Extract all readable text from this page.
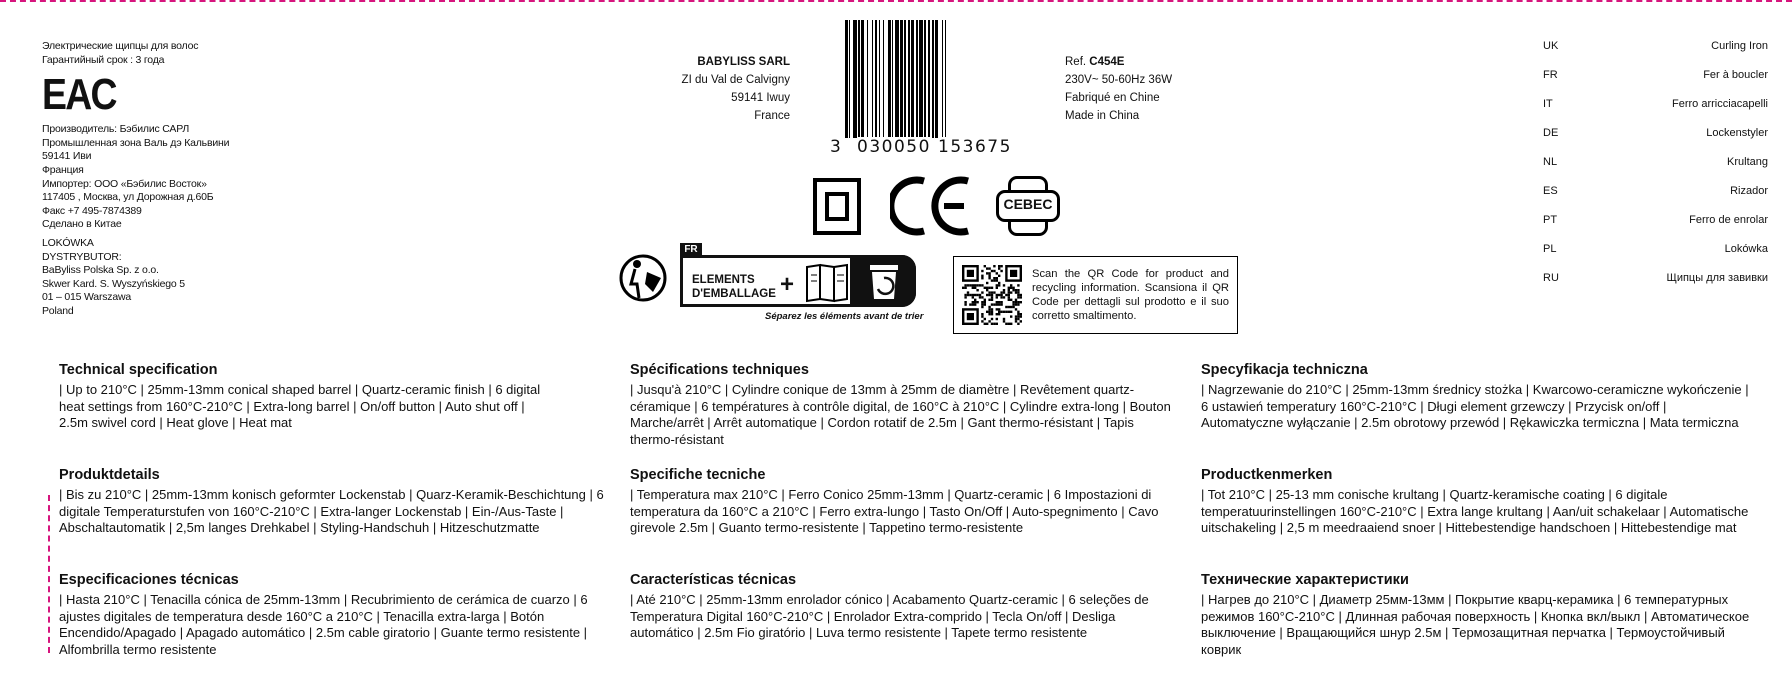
Электрические щипцы для волос
Гарантийный срок : 3 года
EAC
Производитель: Бэбилис САРЛ
Промышленная зона Валь дэ Кальвини
59141 Иви
Франция
Импортер: ООО «Бэбилис Восток»
117405 , Москва, ул Дорожная д.60Б
Факс +7 495-7874389
Сделано в Китае
LOKÓWKA
DYSTRYBUTOR:
BaByliss Polska Sp. z o.o.
Skwer Kard. S. Wyszyńskiego 5
01 – 015 Warszawa
Poland
BABYLISS SARL
ZI du Val de Calvigny
59141 Iwuy
France
3 030050 153675
Ref. C454E
230V~ 50-60Hz 36W
Fabriqué en Chine
Made in China
CEBEC
FR
ELEMENTS
D'EMBALLAGE +
Séparez les éléments avant de trier
Scan the QR Code for product and recycling information. Scansiona il QR Code per dettagli sul prodotto e il suo corretto smaltimento.
UK	Curling Iron
FR	Fer à boucler
IT	Ferro arricciacapelli
DE	Lockenstyler
NL	Krultang
ES	Rizador
PT	Ferro de enrolar
PL	Lokówka
RU	Щипцы для завивки
Technical specification
| Up to 210°C | 25mm-13mm conical shaped barrel | Quartz-ceramic finish | 6 digital heat settings from 160°C-210°C | Extra-long barrel | On/off button | Auto shut off | 2.5m swivel cord | Heat glove | Heat mat
Spécifications techniques
| Jusqu'à 210°C | Cylindre conique de 13mm à 25mm de diamètre | Revêtement quartz-céramique | 6 températures à contrôle digital, de 160°C à 210°C | Cylindre extra-long | Bouton Marche/arrêt | Arrêt automatique | Cordon rotatif de 2.5m | Gant thermo-résistant | Tapis thermo-résistant
Specyfikacja techniczna
| Nagrzewanie do 210°C | 25mm-13mm średnicy stożka | Kwarcowo-ceramiczne wykończenie | 6 ustawień temperatury 160°C-210°C | Długi element grzewczy | Przycisk on/off | Automatyczne wyłączanie | 2.5m obrotowy przewód | Rękawiczka termiczna | Mata termiczna
Produktdetails
| Bis zu 210°C | 25mm-13mm konisch geformter Lockenstab | Quarz-Keramik-Beschichtung | 6 digitale Temperaturstufen von 160°C-210°C | Extra-langer Lockenstab | Ein-/Aus-Taste | Abschaltautomatik | 2,5m langes Drehkabel | Styling-Handschuh | Hitzeschutzmatte
Specifiche tecniche
| Temperatura max 210°C | Ferro Conico 25mm-13mm | Quartz-ceramic | 6 Impostazioni di temperatura da 160°C a 210°C | Ferro extra-lungo | Tasto On/Off | Auto-spegnimento | Cavo girevole 2.5m | Guanto termo-resistente | Tappetino termo-resistente
Productkenmerken
| Tot 210°C | 25-13 mm conische krultang | Quartz-keramische coating | 6 digitale temperatuurinstellingen 160°C-210°C | Extra lange krultang | Aan/uit schakelaar | Automatische uitschakeling | 2,5 m meedraaiend snoer | Hittebestendige handschoen | Hittebestendige mat
Especificaciones técnicas
| Hasta 210°C | Tenacilla cónica de 25mm-13mm | Recubrimiento de cerámica de cuarzo | 6 ajustes digitales de temperatura desde 160°C a 210°C | Tenacilla extra-larga | Botón Encendido/Apagado | Apagado automático | 2.5m cable giratorio | Guante termo resistente | Alfombrilla termo resistente
Características técnicas
| Até 210°C | 25mm-13mm enrolador cónico | Acabamento Quartz-ceramic | 6 seleções de Temperatura Digital 160°C-210°C | Enrolador Extra-comprido | Tecla On/off | Desliga automático | 2.5m Fio giratório | Luva termo resistente | Tapete termo resistente
Технические характеристики
| Нагрев до 210°C | Диаметр 25мм-13мм | Покрытие кварц-керамика | 6 температурных режимов 160°C-210°C | Длинная рабочая поверхность | Кнопка вкл/выкл | Автоматическое выключение | Вращающийся шнур 2.5м | Термозащитная перчатка | Термоустойчивый коврик
